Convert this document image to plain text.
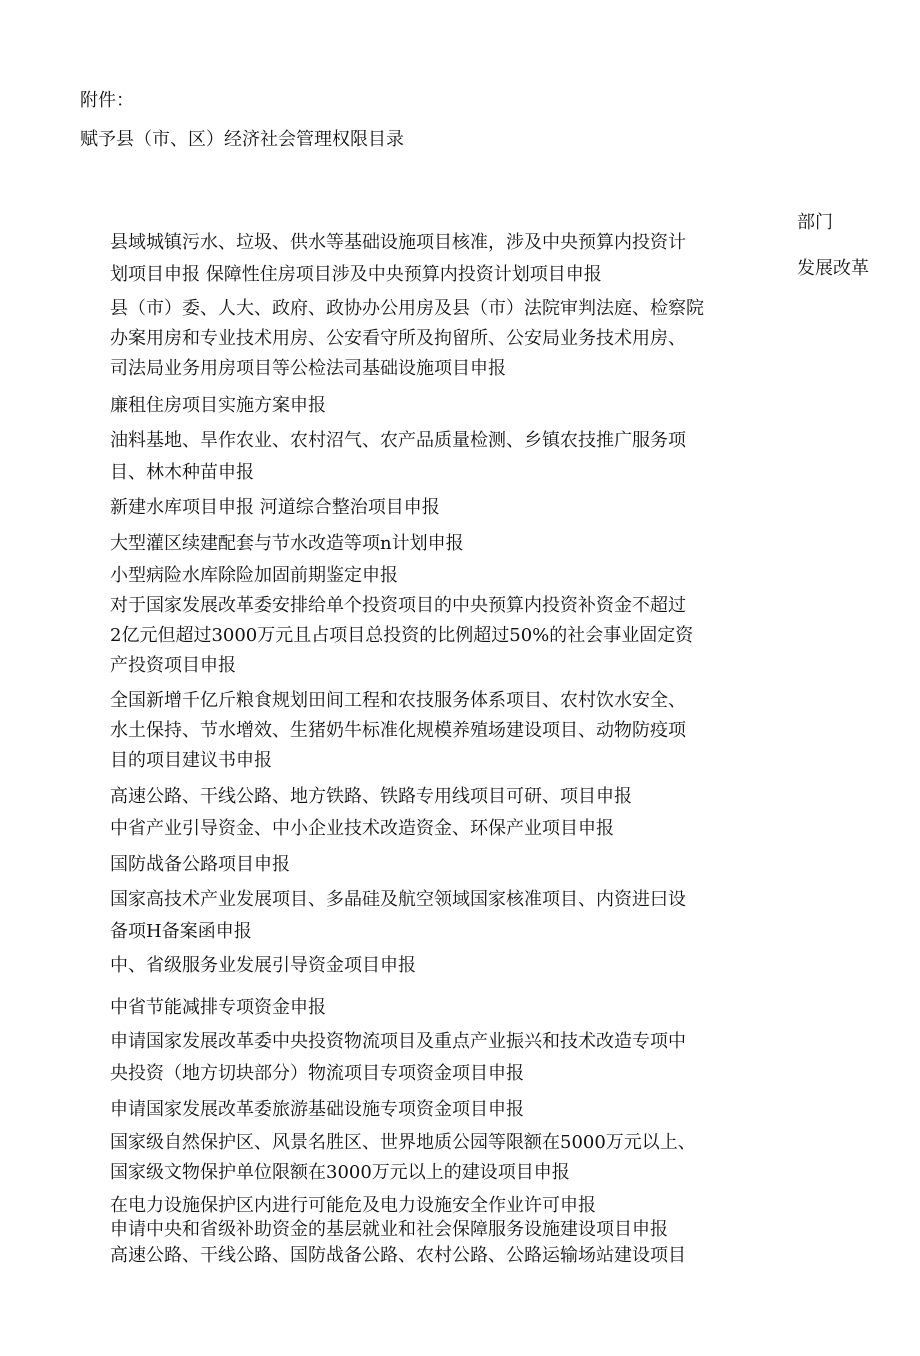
附件：

赋予县（市、区）经济社会管理权限目录
部门
发展改革
县域城镇污水、垃圾、供水等基础设施项目核准，涉及中央预算内投资计
划项目申报 保障性住房项目涉及中央预算内投资计划项目申报
县（市）委、人大、政府、政协办公用房及县（市）法院审判法庭、检察院
办案用房和专业技术用房、公安看守所及拘留所、公安局业务技术用房、
司法局业务用房项目等公检法司基础设施项目申报
廉租住房项目实施方案申报
油料基地、旱作农业、农村沼气、农产品质量检测、乡镇农技推广服务项
目、林木种苗申报
新建水库项目申报 河道综合整治项目申报
大型灌区续建配套与节水改造等项n计划申报
小型病险水库除险加固前期鉴定申报
对于国家发展改革委安排给单个投资项目的中央预算内投资补资金不超过
2亿元但超过3000万元且占项目总投资的比例超过50%的社会事业固定资
产投资项目申报
全国新增千亿斤粮食规划田间工程和农技服务体系项目、农村饮水安全、
水土保持、节水增效、生猪奶牛标准化规模养殖场建设项目、动物防疫项
目的项目建议书申报
高速公路、干线公路、地方铁路、铁路专用线项目可研、项目申报
中省产业引导资金、中小企业技术改造资金、环保产业项目申报
国防战备公路项目申报
国家高技术产业发展项目、多晶硅及航空领域国家核准项目、内资进曰设
备项H备案函申报
中、省级服务业发展引导资金项目申报
中省节能减排专项资金申报
申请国家发展改革委中央投资物流项目及重点产业振兴和技术改造专项中
央投资（地方切块部分）物流项目专项资金项目申报
申请国家发展改革委旅游基础设施专项资金项目申报
国家级自然保护区、风景名胜区、世界地质公园等限额在5000万元以上、
国家级文物保护单位限额在3000万元以上的建设项目申报
在电力设施保护区内进行可能危及电力设施安全作业许可申报
申请中央和省级补助资金的基层就业和社会保障服务设施建设项目申报
高速公路、干线公路、国防战备公路、农村公路、公路运输场站建设项目
